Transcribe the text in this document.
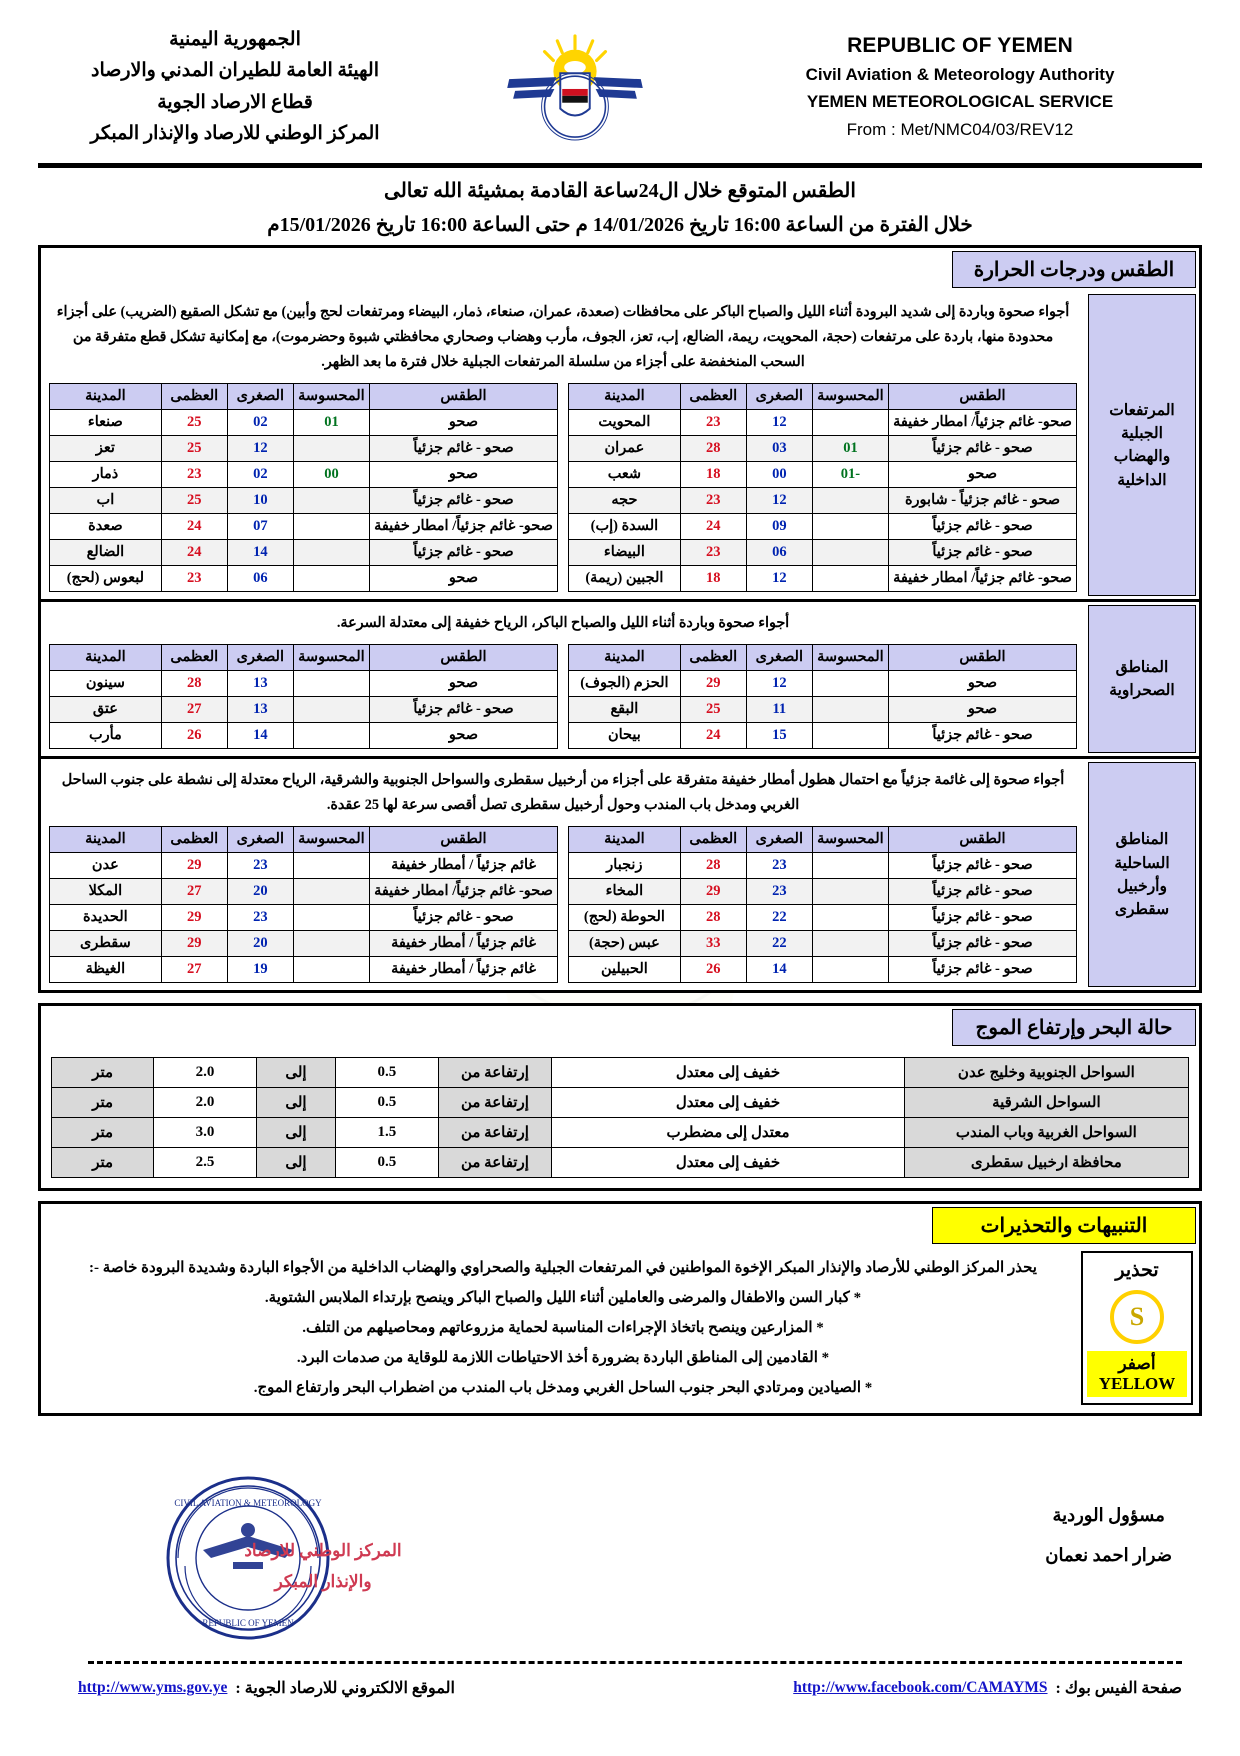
الجمهورية اليمنية
الهيئة العامة للطيران المدني والارصاد
قطاع الارصاد الجوية
المركز الوطني للارصاد والإنذار المبكر
REPUBLIC OF YEMEN
Civil Aviation & Meteorology Authority
YEMEN METEOROLOGICAL SERVICE
From : Met/NMC04/03/REV12
الطقس المتوقع خلال ال24ساعة القادمة بمشيئة الله تعالى
خلال الفترة من الساعة 16:00 تاريخ 14/01/2026 م حتى الساعة 16:00 تاريخ 15/01/2026م
الطقس ودرجات الحرارة
المرتفعات الجبلية والهضاب الداخلية
أجواء صحوة وباردة إلى شديد البرودة أثناء الليل والصباح الباكر على محافظات (صعدة، عمران، صنعاء، ذمار، البيضاء ومرتفعات لحج وأبين) مع تشكل الصقيع (الضريب) على أجزاء محدودة منها، باردة على مرتفعات (حجة، المحويت، ريمة، الضالع، إب، تعز، الجوف، مأرب وهضاب وصحاري محافظتي شبوة وحضرموت)، مع إمكانية تشكل قطع متفرقة من السحب المنخفضة على أجزاء من سلسلة المرتفعات الجبلية خلال فترة ما بعد الظهر.
الطقس	المحسوسة	الصغرى	العظمى	المدينة
صحو- غائم جزئياً/ امطار خفيفة		12	23	المحويت
صحو - غائم جزئياً	01	03	28	عمران
صحو	-01	00	18	شعب
صحو - غائم جزئياً - شابورة		12	23	حجه
صحو - غائم جزئياً		09	24	السدة (إب)
صحو - غائم جزئياً		06	23	البيضاء
صحو- غائم جزئياً/ امطار خفيفة		12	18	الجبين (ريمة)
الطقس	المحسوسة	الصغرى	العظمى	المدينة
صحو	01	02	25	صنعاء
صحو - غائم جزئياً		12	25	تعز
صحو	00	02	23	ذمار
صحو - غائم جزئياً		10	25	اب
صحو- غائم جزئياً/ امطار خفيفة		07	24	صعدة
صحو - غائم جزئياً		14	24	الضالع
صحو		06	23	لبعوس (لحج)
المناطق الصحراوية
أجواء صحوة وباردة أثناء الليل والصباح الباكر، الرياح خفيفة إلى معتدلة السرعة.
الطقس	المحسوسة	الصغرى	العظمى	المدينة
صحو		12	29	الحزم (الجوف)
صحو		11	25	البقع
صحو - غائم جزئياً		15	24	بيحان
الطقس	المحسوسة	الصغرى	العظمى	المدينة
صحو		13	28	سينون
صحو - غائم جزئياً		13	27	عتق
صحو		14	26	مأرب
المناطق الساحلية وأرخبيل سقطرى
أجواء صحوة إلى غائمة جزئياً مع احتمال هطول أمطار خفيفة متفرقة على أجزاء من أرخبيل سقطرى والسواحل الجنوبية والشرقية، الرياح معتدلة إلى نشطة على جنوب الساحل الغربي ومدخل باب المندب وحول أرخبيل سقطرى تصل أقصى سرعة لها 25 عقدة.
الطقس	المحسوسة	الصغرى	العظمى	المدينة
صحو - غائم جزئياً		23	28	زنجبار
صحو - غائم جزئياً		23	29	المخاء
صحو - غائم جزئياً		22	28	الحوطة (لحج)
صحو - غائم جزئياً		22	33	عبس (حجة)
صحو - غائم جزئياً		14	26	الحبيلين
الطقس	المحسوسة	الصغرى	العظمى	المدينة
غائم جزئياً / أمطار خفيفة		23	29	عدن
صحو- غائم جزئياً/ امطار خفيفة		20	27	المكلا
صحو - غائم جزئياً		23	29	الحديدة
غائم جزئياً / أمطار خفيفة		20	29	سقطرى
غائم جزئياً / أمطار خفيفة		19	27	الغيظة
حالة البحر وإرتفاع الموج
السواحل الجنوبية وخليج عدن	خفيف إلى معتدل	إرتفاعة من	0.5	إلى	2.0	متر
السواحل الشرقية	خفيف إلى معتدل	إرتفاعة من	0.5	إلى	2.0	متر
السواحل الغربية وباب المندب	معتدل إلى مضطرب	إرتفاعة من	1.5	إلى	3.0	متر
محافظة ارخبيل سقطرى	خفيف إلى معتدل	إرتفاعة من	0.5	إلى	2.5	متر
التنبيهات والتحذيرات
تحذير
S
أصفر YELLOW
يحذر المركز الوطني للأرصاد والإنذار المبكر الإخوة المواطنين في المرتفعات الجبلية والصحراوي والهضاب الداخلية من الأجواء الباردة وشديدة البرودة خاصة -:
* كبار السن والاطفال والمرضى والعاملين أثناء الليل والصباح الباكر وينصح بإرتداء الملابس الشتوية.
* المزارعين وينصح باتخاذ الإجراءات المناسبة لحماية مزروعاتهم ومحاصيلهم من التلف.
* القادمين إلى المناطق الباردة بضرورة أخذ الاحتياطات اللازمة للوقاية من صدمات البرد.
* الصيادين ومرتادي البحر جنوب الساحل الغربي ومدخل باب المندب من اضطراب البحر وارتفاع الموج.
مسؤول الوردية
ضرار احمد نعمان
CIVIL AVIATION & METEOROLOGY
REPUBLIC OF YEMEN
المركز الوطني للارصاد والإنذار المبكر
الموقع الالكتروني للارصاد الجوية :
http://www.yms.gov.ye	صفحة الفيس بوك :
http://www.facebook.com/CAMAYMS
